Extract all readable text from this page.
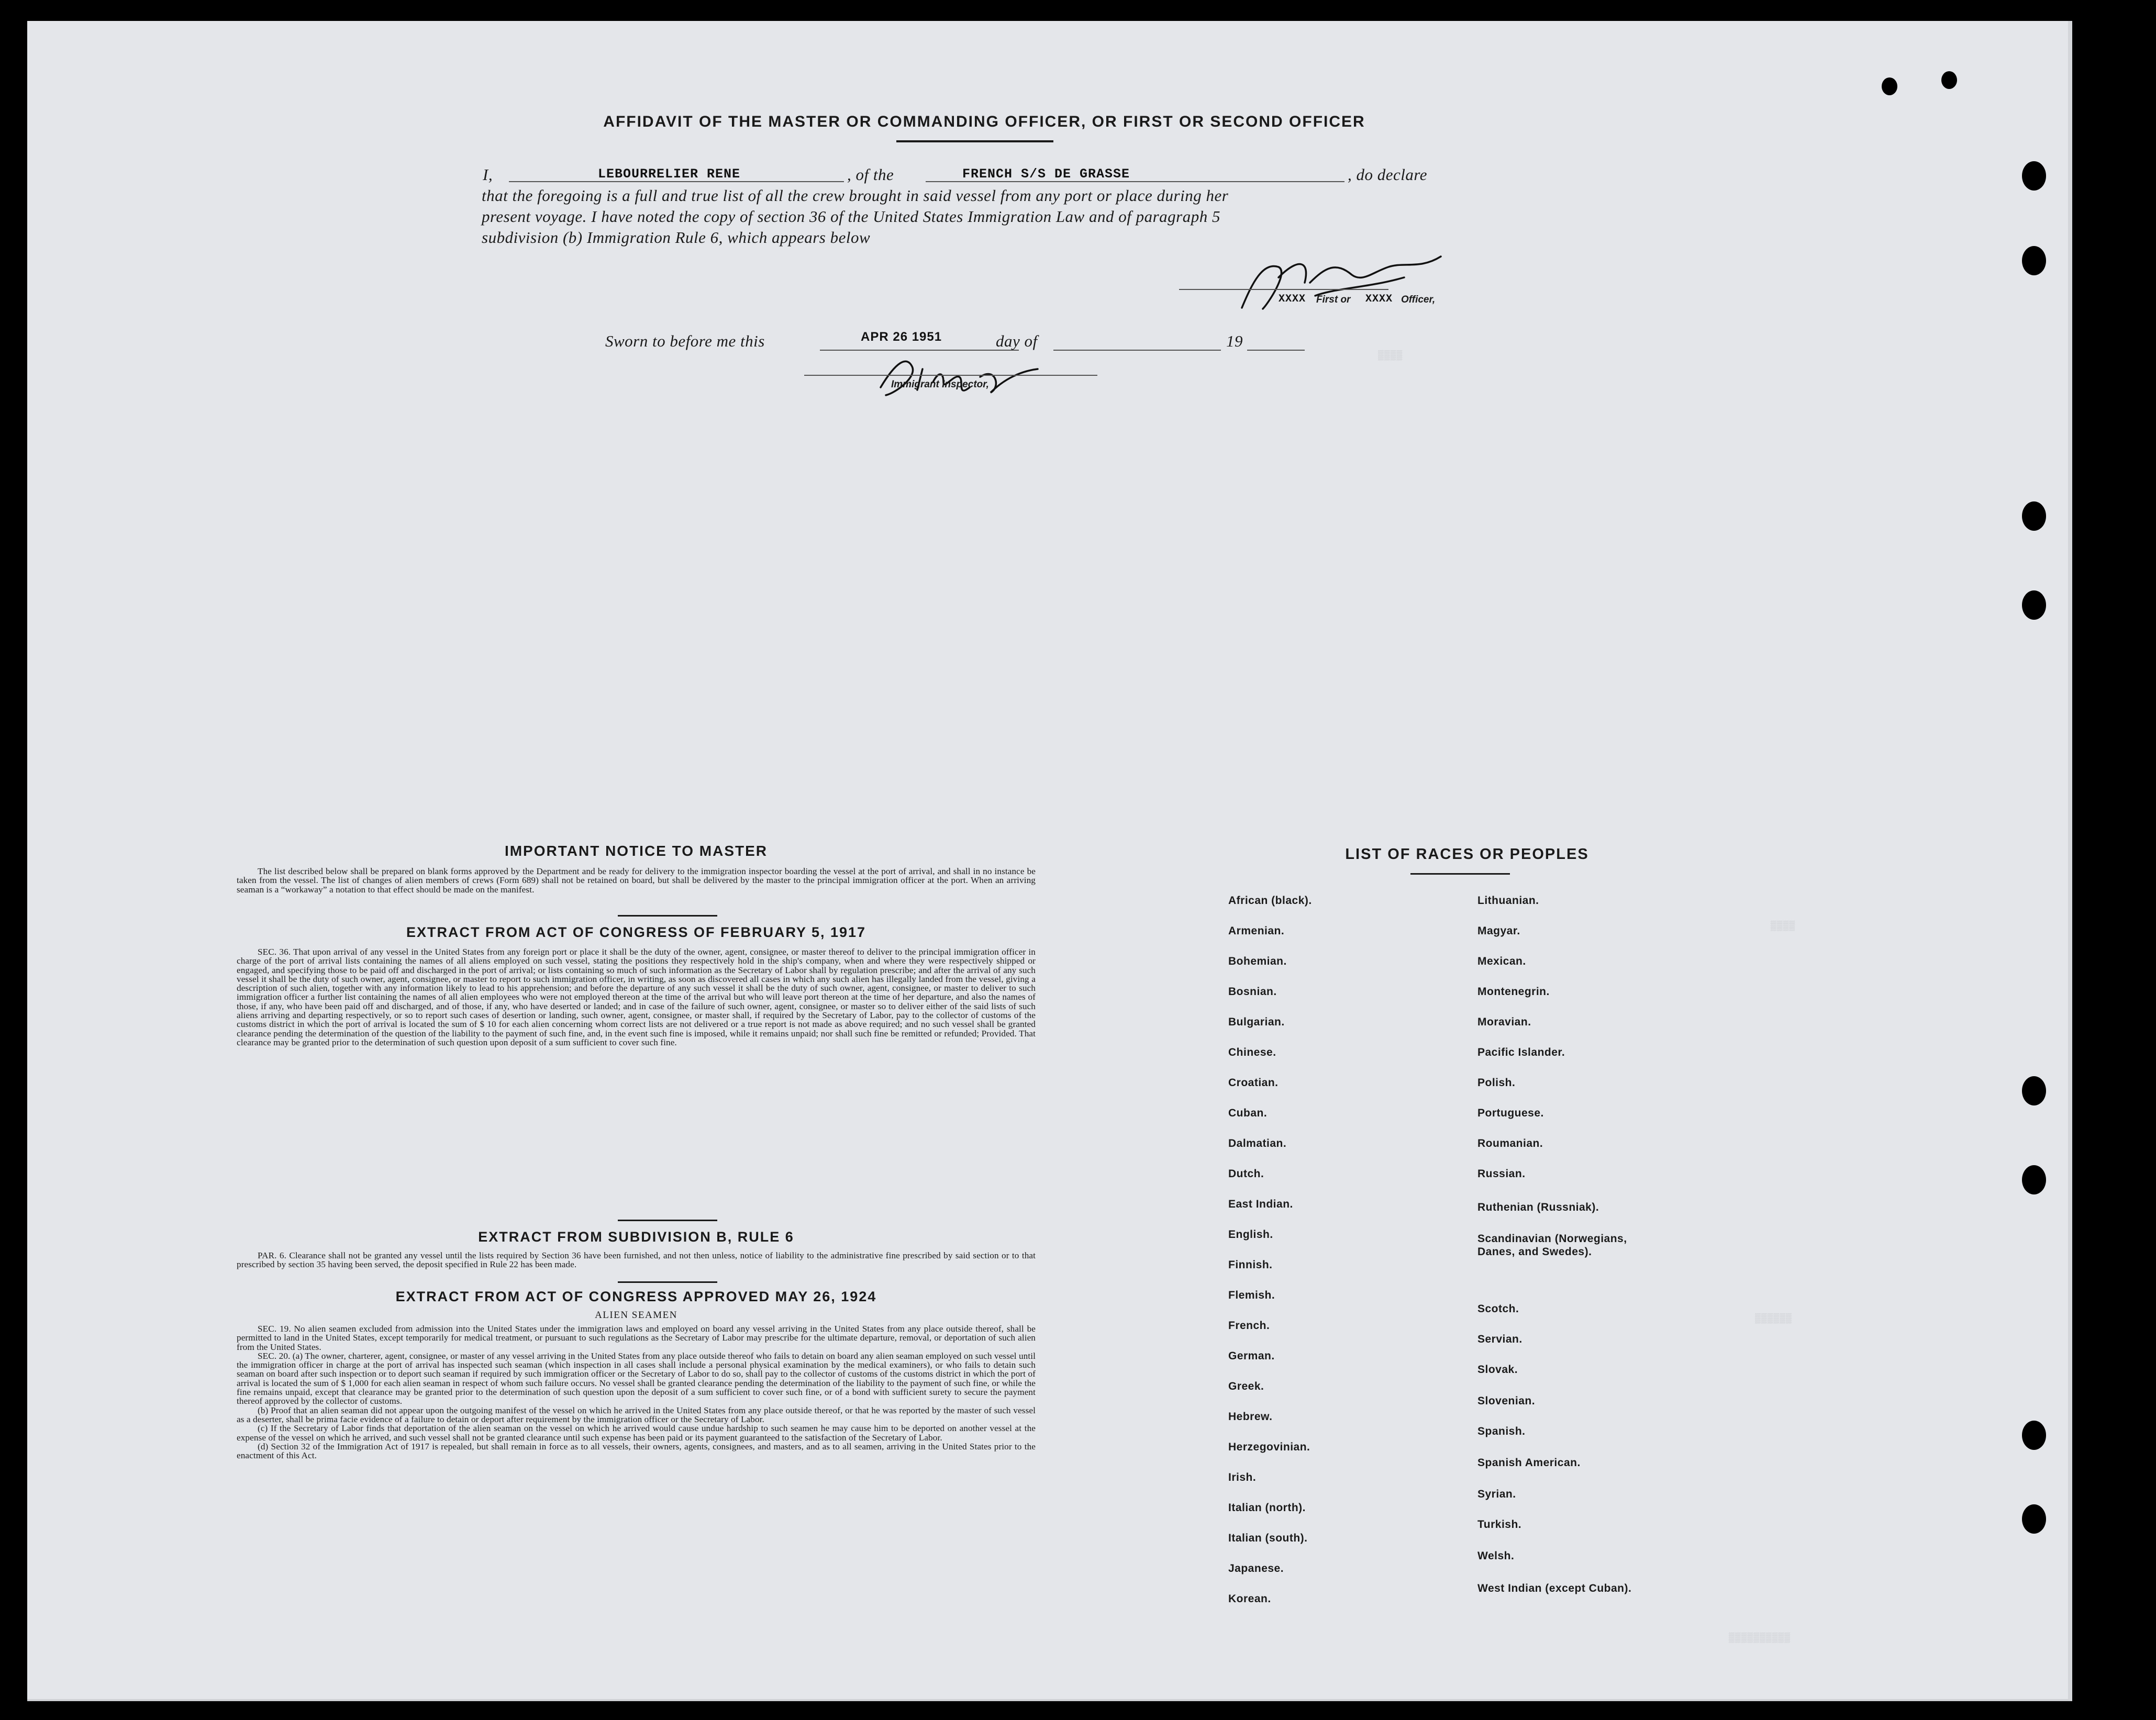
▒▒▒▒
▒▒▒▒
▒▒▒▒▒▒
▒▒▒▒▒▒▒▒▒▒
AFFIDAVIT OF THE MASTER OR COMMANDING OFFICER, OR FIRST OR SECOND OFFICER
I,	LEBOURRELIER RENE	, of the	FRENCH S/S DE GRASSE	, do declare
that the foregoing is a full and true list of all the crew brought in said vessel from any port or place during her
present voyage. I have noted the copy of section 36 of the United States Immigration Law and of paragraph 5
subdivision (b) Immigration Rule 6, which appears below
XXXX First or XXXX Officer,
Sworn to before me this	APR 26 1951	day of	19
Immigrant Inspector,
IMPORTANT NOTICE TO MASTER

The list described below shall be prepared on blank forms approved by the Department and be ready for delivery to the immigration inspector boarding the vessel at the port of arrival, and shall in no instance be taken from the vessel. The list of changes of alien members of crews (Form 689) shall not be retained on board, but shall be delivered by the master to the principal immigration officer at the port. When an arriving seaman is a “workaway” a notation to that effect should be made on the manifest.

EXTRACT FROM ACT OF CONGRESS OF FEBRUARY 5, 1917

SEC. 36. That upon arrival of any vessel in the United States from any foreign port or place it shall be the duty of the owner, agent, consignee, or master thereof to deliver to the principal immigration officer in charge of the port of arrival lists containing the names of all aliens employed on such vessel, stating the positions they respectively hold in the ship's company, when and where they were respectively shipped or engaged, and specifying those to be paid off and discharged in the port of arrival; or lists containing so much of such information as the Secretary of Labor shall by regulation prescribe; and after the arrival of any such vessel it shall be the duty of such owner, agent, consignee, or master to report to such immigration officer, in writing, as soon as discovered all cases in which any such alien has illegally landed from the vessel, giving a description of such alien, together with any information likely to lead to his apprehension; and before the departure of any such vessel it shall be the duty of such owner, agent, consignee, or master to deliver to such immigration officer a further list containing the names of all alien employees who were not employed thereon at the time of the arrival but who will leave port thereon at the time of her departure, and also the names of those, if any, who have been paid off and discharged, and of those, if any, who have deserted or landed; and in case of the failure of such owner, agent, consignee, or master so to deliver either of the said lists of such aliens arriving and departing respectively, or so to report such cases of desertion or landing, such owner, agent, consignee, or master shall, if required by the Secretary of Labor, pay to the collector of customs of the customs district in which the port of arrival is located the sum of $ 10 for each alien concerning whom correct lists are not delivered or a true report is not made as above required; and no such vessel shall be granted clearance pending the determination of the question of the liability to the payment of such fine, and, in the event such fine is imposed, while it remains unpaid; nor shall such fine be remitted or refunded; Provided. That clearance may be granted prior to the determination of such question upon deposit of a sum sufficient to cover such fine.

EXTRACT FROM SUBDIVISION B, RULE 6

PAR. 6. Clearance shall not be granted any vessel until the lists required by Section 36 have been furnished, and not then unless, notice of liability to the administrative fine prescribed by said section or to that prescribed by section 35 having been served, the deposit specified in Rule 22 has been made.

EXTRACT FROM ACT OF CONGRESS APPROVED MAY 26, 1924
ALIEN SEAMEN

SEC. 19. No alien seamen excluded from admission into the United States under the immigration laws and employed on board any vessel arriving in the United States from any place outside thereof, shall be permitted to land in the United States, except temporarily for medical treatment, or pursuant to such regulations as the Secretary of Labor may prescribe for the ultimate departure, removal, or deportation of such alien from the United States.

SEC. 20. (a) The owner, charterer, agent, consignee, or master of any vessel arriving in the United States from any place outside thereof who fails to detain on board any alien seaman employed on such vessel until the immigration officer in charge at the port of arrival has inspected such seaman (which inspection in all cases shall include a personal physical examination by the medical examiners), or who fails to detain such seaman on board after such inspection or to deport such seaman if required by such immigration officer or the Secretary of Labor to do so, shall pay to the collector of customs of the customs district in which the port of arrival is located the sum of $ 1,000 for each alien seaman in respect of whom such failure occurs. No vessel shall be granted clearance pending the determination of the liability to the payment of such fine, or while the fine remains unpaid, except that clearance may be granted prior to the determination of such question upon the deposit of a sum sufficient to cover such fine, or of a bond with sufficient surety to secure the payment thereof approved by the collector of customs.

(b) Proof that an alien seaman did not appear upon the outgoing manifest of the vessel on which he arrived in the United States from any place outside thereof, or that he was reported by the master of such vessel as a deserter, shall be prima facie evidence of a failure to detain or deport after requirement by the immigration officer or the Secretary of Labor.

(c) If the Secretary of Labor finds that deportation of the alien seaman on the vessel on which he arrived would cause undue hardship to such seamen he may cause him to be deported on another vessel at the expense of the vessel on which he arrived, and such vessel shall not be granted clearance until such expense has been paid or its payment guaranteed to the satisfaction of the Secretary of Labor.

(d) Section 32 of the Immigration Act of 1917 is repealed, but shall remain in force as to all vessels, their owners, agents, consignees, and masters, and as to all seamen, arriving in the United States prior to the enactment of this Act.

LIST OF RACES OR PEOPLES
African (black).
Armenian.
Bohemian.
Bosnian.
Bulgarian.
Chinese.
Croatian.
Cuban.
Dalmatian.
Dutch.
East Indian.
English.
Finnish.
Flemish.
French.
German.
Greek.
Hebrew.
Herzegovinian.
Irish.
Italian (north).
Italian (south).
Japanese.
Korean.
Lithuanian.
Magyar.
Mexican.
Montenegrin.
Moravian.
Pacific Islander.
Polish.
Portuguese.
Roumanian.
Russian.
Ruthenian (Russniak).
Scandinavian (Norwegians, Danes, and Swedes).
Scotch.
Servian.
Slovak.
Slovenian.
Spanish.
Spanish American.
Syrian.
Turkish.
Welsh.
West Indian (except Cuban).
